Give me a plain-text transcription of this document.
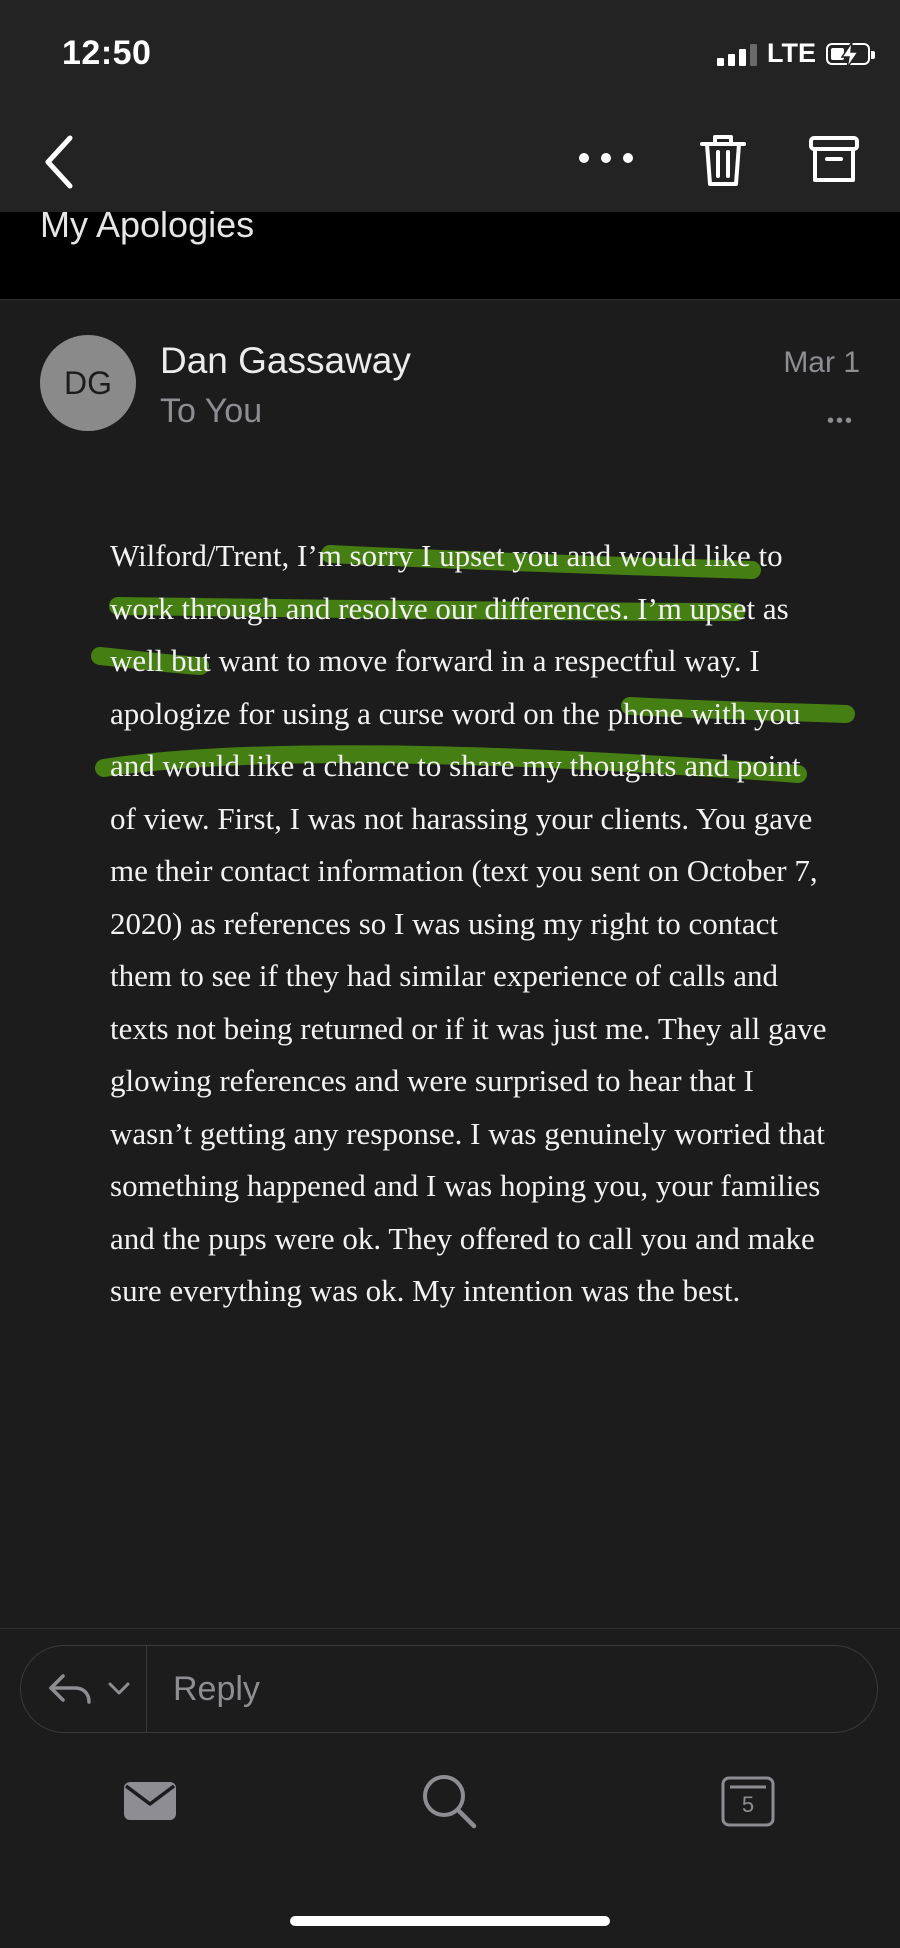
12:50	LTE
My Apologies
DG
Dan Gassaway
To You
Mar 1
•••

Wilford/Trent, I’m sorry I upset you and would like to work through and resolve our differences. I’m upset as well but want to move forward in a respectful way. I apologize for using a curse word on the phone with you and would like a chance to share my thoughts and point of view. First, I was not harassing your clients. You gave me their contact information (text you sent on October 7, 2020) as references so I was using my right to contact them to see if they had similar experience of calls and texts not being returned or if it was just me. They all gave glowing references and were surprised to hear that I wasn’t getting any response. I was genuinely worried that something happened and I was hoping you, your families and the pups were ok. They offered to call you and make sure everything was ok. My intention was the best.

Reply
5
